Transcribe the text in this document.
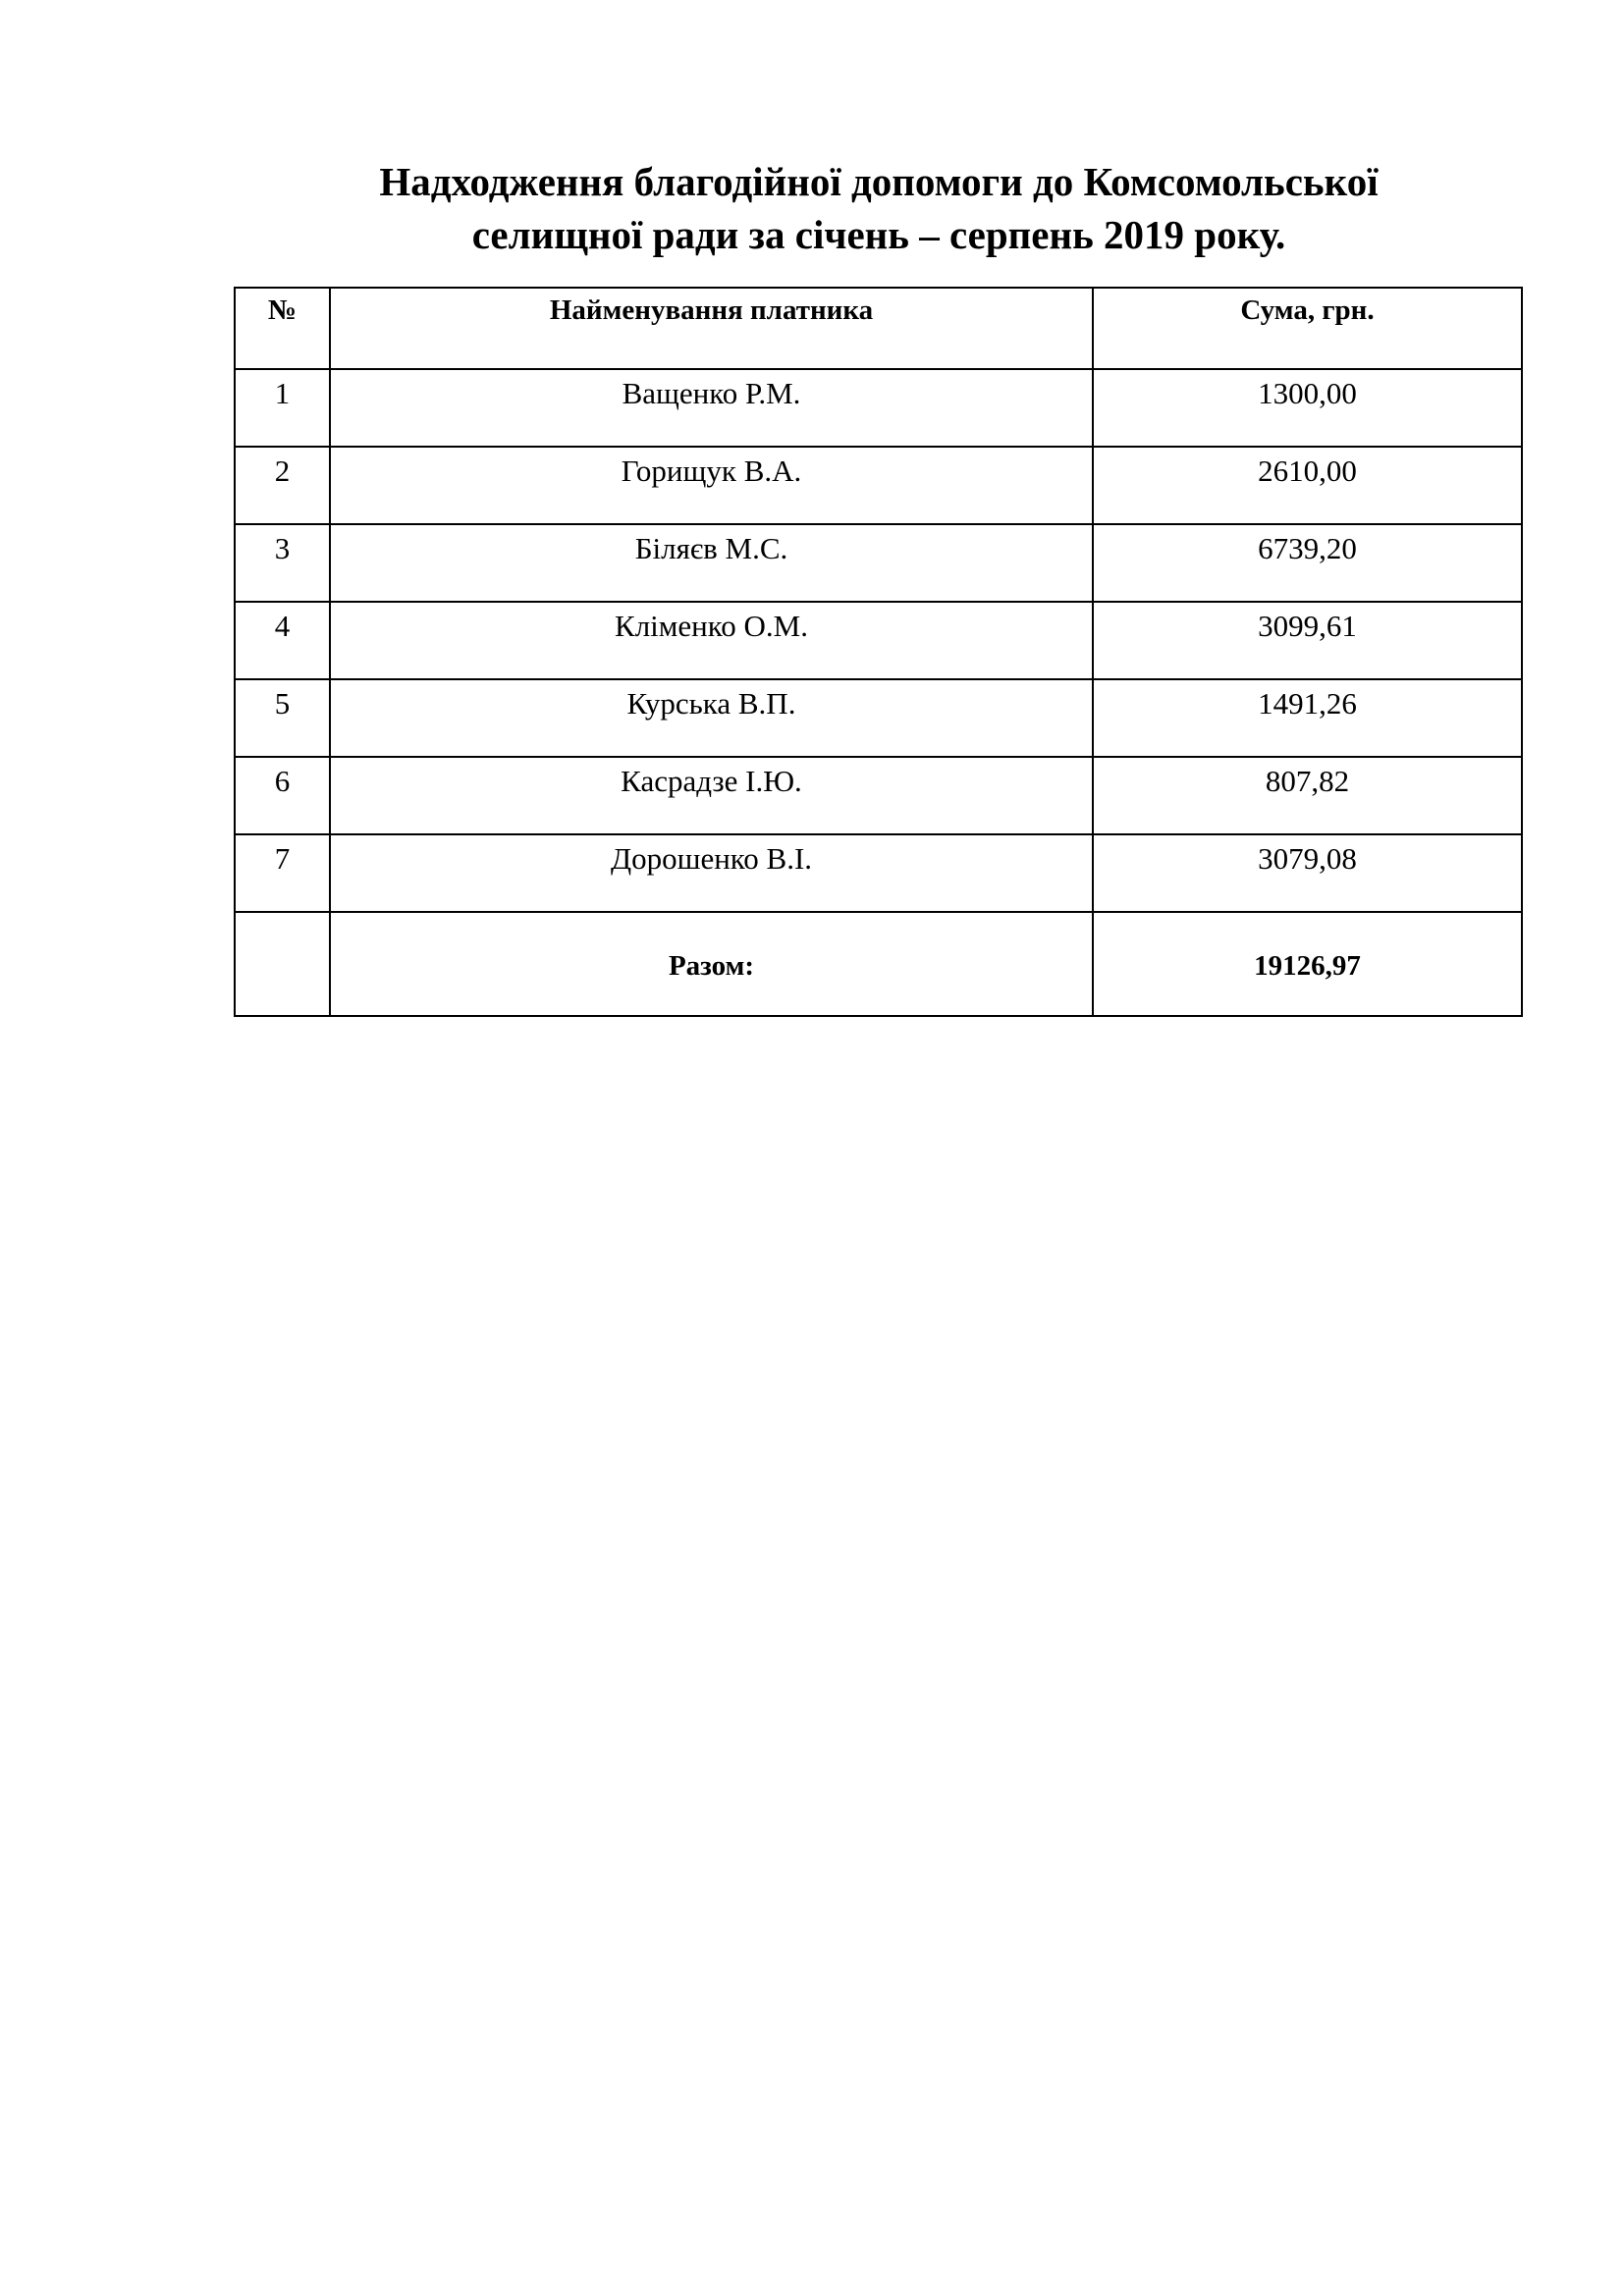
Надходження благодійної допомоги до Комсомольської
селищної ради за січень – серпень 2019 року.
№	Найменування платника	Сума, грн.
1	Ващенко Р.М.	1300,00
2	Горищук В.А.	2610,00
3	Біляєв М.С.	6739,20
4	Кліменко О.М.	3099,61
5	Курська В.П.	1491,26
6	Касрадзе І.Ю.	807,82
7	Дорошенко В.І.	3079,08
	Разом:	19126,97
